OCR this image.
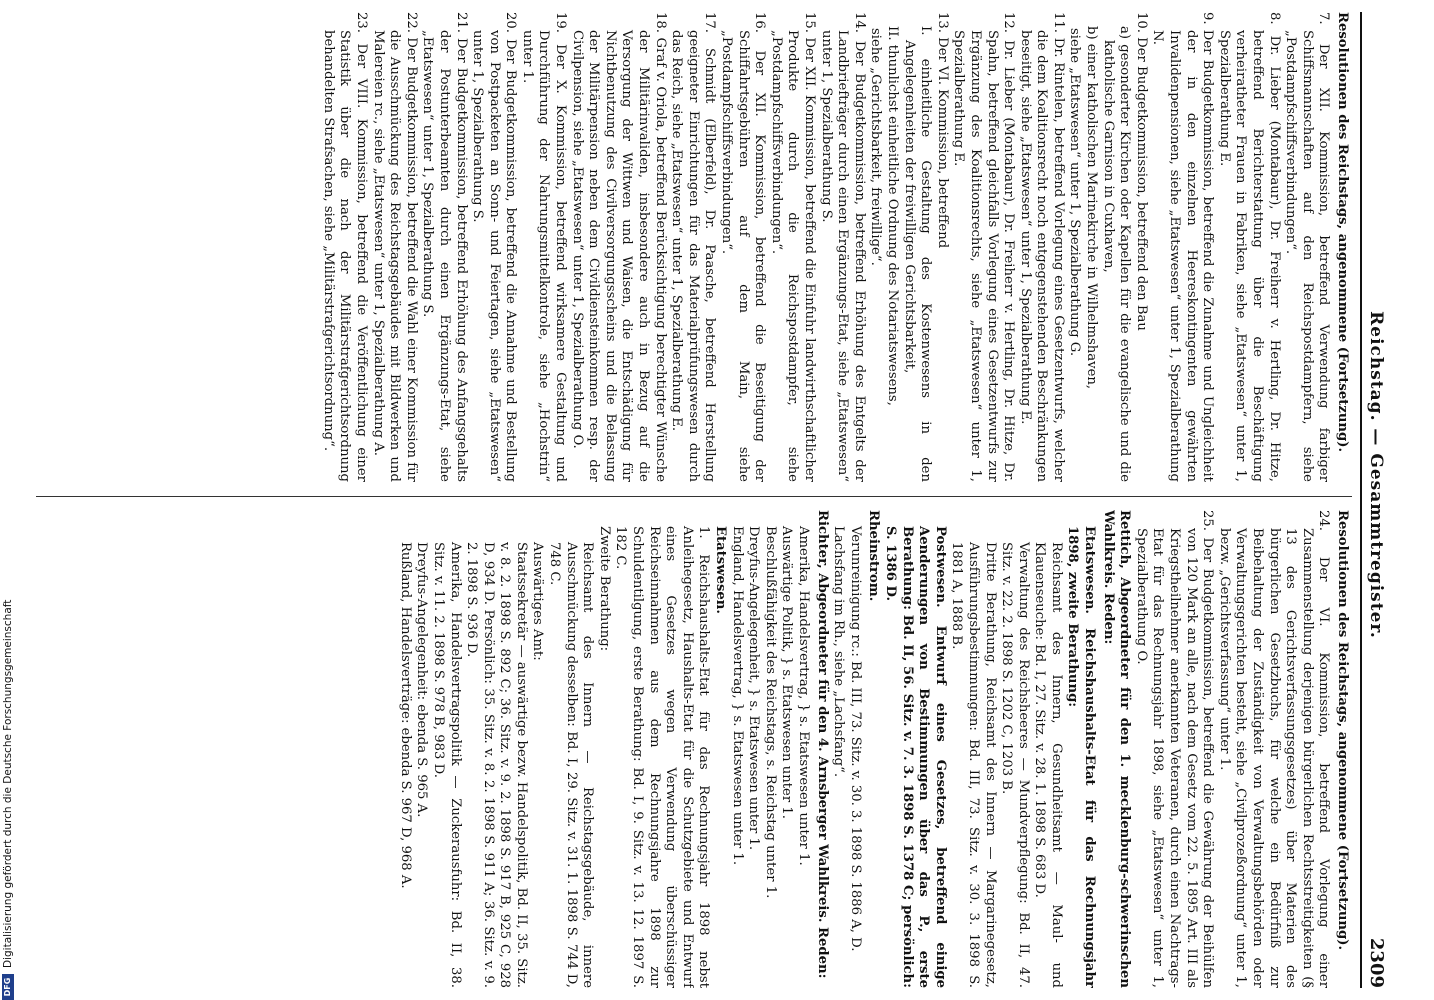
Reichstag. — Gesammtregister.
2309

Resolutionen des Reichstags, angenommene (Fortsetzung).

7. Der XII. Kommission, betreffend Verwendung farbiger Schiffsmannschaften auf den Reichspostdampfern, siehe „Postdampfschiffsverbindungen“.

8. Dr. Lieber (Montabaur), Dr. Freiherr v. Hertling, Dr. Hitze, betreffend Berichterstattung über die Beschäftigung verheiratheter Frauen in Fabriken, siehe „Etatswesen“ unter 1, Spezialberathung E.

9. Der Budgetkommission, betreffend die Zunahme und Ungleichheit der in den einzelnen Heereskontingenten gewährten Invalidenpensionen, siehe „Etatswesen“ unter 1, Spezialberathung N.

10. Der Budgetkommission, betreffend den Bau

a) gesonderter Kirchen oder Kapellen für die evangelische und die katholische Garnison in Cuxhaven,

b) einer katholischen Marinekirche in Wilhelmshaven,

siehe „Etatswesen“ unter 1, Spezialberathung G.

11. Dr. Rintelen, betreffend Vorlegung eines Gesetzentwurfs, welcher die dem Koalitionsrecht noch entgegenstehenden Beschränkungen beseitigt, siehe „Etatswesen“ unter 1, Spezialberathung E.

12. Dr. Lieber (Montabaur), Dr. Freiherr v. Hertling, Dr. Hitze, Dr. Spahn, betreffend gleichfalls Vorlegung eines Gesetzentwurfs zur Ergänzung des Koalitionsrechts, siehe „Etatswesen“ unter 1, Spezialberathung E.

13. Der VI. Kommission, betreffend

I. einheitliche Gestaltung des Kostenwesens in den Angelegenheiten der freiwilligen Gerichtsbarkeit,

II. thunlichst einheitliche Ordnung des Notariatswesens,

siehe „Gerichtsbarkeit, freiwillige“.

14. Der Budgetkommission, betreffend Erhöhung des Entgelts der Landbriefträger durch einen Ergänzungs-Etat, siehe „Etatswesen“ unter 1, Spezialberathung S.

15. Der XII. Kommission, betreffend die Einfuhr landwirthschaftlicher Produkte durch die Reichspostdampfer, siehe „Postdampfschiffsverbindungen“.

16. Der XII. Kommission, betreffend die Beseitigung der Schiffahrtsgebühren auf dem Main, siehe „Postdampfschiffsverbindungen“.

17. Schmidt (Elberfeld), Dr. Paasche, betreffend Herstellung geeigneter Einrichtungen für das Materialprüfungswesen durch das Reich, siehe „Etatswesen“ unter 1, Spezialberathung E.

18. Graf v. Oriola, betreffend Berücksichtigung berechtigter Wünsche der Militärinvaliden, insbesondere auch in Bezug auf die Versorgung der Wittwen und Waisen, die Entschädigung für Nichtbenutzung des Civilversorgungsscheins und die Belassung der Militärpension neben dem Civildiensteinkommen resp. der Civilpension, siehe „Etatswesen“ unter 1, Spezialberathung O.

19. Der X. Kommission, betreffend wirksamere Gestaltung und Durchführung der Nahrungsmittelkontrole, siehe „Hochstrin“ unter 1.

20. Der Budgetkommission, betreffend die Annahme und Bestellung von Postpacketen an Sonn- und Feiertagen, siehe „Etatswesen“ unter 1, Spezialberathung S.

21. Der Budgetkommission, betreffend Erhöhung des Anfangsgehalts der Postunterbeamten durch einen Ergänzungs-Etat, siehe „Etatswesen“ unter 1, Spezialberathung S.

22. Der Budgetkommission, betreffend die Wahl einer Kommission für die Ausschmückung des Reichstagsgebäudes mit Bildwerken und Malereien rc., siehe „Etatswesen“ unter 1, Spezialberathung A.

23. Der VIII. Kommission, betreffend die Veröffentlichung einer Statistik über die nach der Militärstrafgerichtsordnung behandelten Strafsachen, siehe „Militärstrafgerichtsordnung“.

Resolutionen des Reichstags, angenommene (Fortsetzung).

24. Der VI. Kommission, betreffend Vorlegung einer Zusammenstellung derjenigen bürgerlichen Rechtsstreitigkeiten (§ 13 des Gerichtsverfassungsgesetzes) über Materien des bürgerlichen Gesetzbuchs, für welche ein Bedürfniß zur Beibehaltung der Zuständigkeit von Verwaltungsbehörden oder Verwaltungsgerichten besteht, siehe „Civilprozeßordnung“ unter 1, bezw. „Gerichtsverfassung“ unter 1.

25. Der Budgetkommission, betreffend die Gewährung der Beihülfen von 120 Mark an alle, nach dem Gesetz vom 22. 5. 1895 Art. III als Kriegstheilnehmer anerkannten Veteranen, durch einen Nachtrags-Etat für das Rechnungsjahr 1898, siehe „Etatswesen“ unter 1, Spezialberathung O.

Rettich, Abgeordneter für den 1. mecklenburg-schwerinschen Wahlkreis. Reden:

Etatswesen. Reichshaushalts-Etat für das Rechnungsjahr 1898, zweite Berathung:

Reichsamt des Innern, Gesundheitsamt — Maul- und Klauenseuche: Bd. I, 27. Sitz. v. 28. 1. 1898 S. 683 D.

Verwaltung des Reichsheeres — Mundverpflegung: Bd. II, 47. Sitz. v. 22. 2. 1898 S. 1202 C, 1203 B.

Dritte Berathung, Reichsamt des Innern — Margarinegesetz, Ausführungsbestimmungen: Bd. III, 73. Sitz. v. 30. 3. 1898 S. 1881 A, 1888 B.

Postwesen. Entwurf eines Gesetzes, betreffend einige Aenderungen von Bestimmungen über das P., erste Berathung: Bd. II, 56. Sitz. v. 7. 3. 1898 S. 1378 C; persönlich: S. 1386 D.

Rheinstrom.

Verunreinigung rc.: Bd. III, 73. Sitz. v. 30. 3. 1898 S. 1886 A, D.

Lachsfang im Rh., siehe „Lachsfang“.

Richter, Abgeordneter für den 4. Arnsberger Wahlkreis. Reden:

Amerika, Handelsvertrag, } s. Etatswesen unter 1.

Auswärtige Politik, } s. Etatswesen unter 1.

Beschlußfähigkeit des Reichstags, s. Reichstag unter 1.

Dreyfus-Angelegenheit, } s. Etatswesen unter 1.

England, Handelsvertrag, } s. Etatswesen unter 1.

Etatswesen.

1. Reichshaushalts-Etat für das Rechnungsjahr 1898 nebst Anleihegesetz, Haushalts-Etat für die Schutzgebiete und Entwurf eines Gesetzes wegen Verwendung überschüssiger Reichseinnahmen aus dem Rechnungsjahre 1898 zur Schuldentilgung, erste Berathung: Bd. I, 9. Sitz. v. 13. 12. 1897 S. 182 C.

Zweite Berathung:

Reichsamt des Innern — Reichstagsgebäude, innere Ausschmückung desselben: Bd. I, 29. Sitz. v. 31. 1. 1898 S. 744 D, 748 C.

Auswärtiges Amt:

Staatssekretär — auswärtige bezw. Handelspolitik, Bd. II, 35. Sitz. v. 8. 2. 1898 S. 892 C; 36. Sitz. v. 9. 2. 1898 S. 917 B, 925 C, 928 D, 934 D. Persönlich: 35. Sitz. v. 8. 2. 1898 S. 911 A; 36. Sitz. v. 9. 2. 1898 S. 936 D.

Amerika, Handelsvertragspolitik — Zuckerausfuhr: Bd. II, 38. Sitz. v. 11. 2. 1898 S. 978 B, 983 D.

Dreyfus-Angelegenheit: ebenda S. 965 A.

Rußland, Handelsverträge: ebenda S. 967 D, 968 A.

DFG
Digitalisierung gefördert durch die Deutsche Forschungsgemeinschaft
